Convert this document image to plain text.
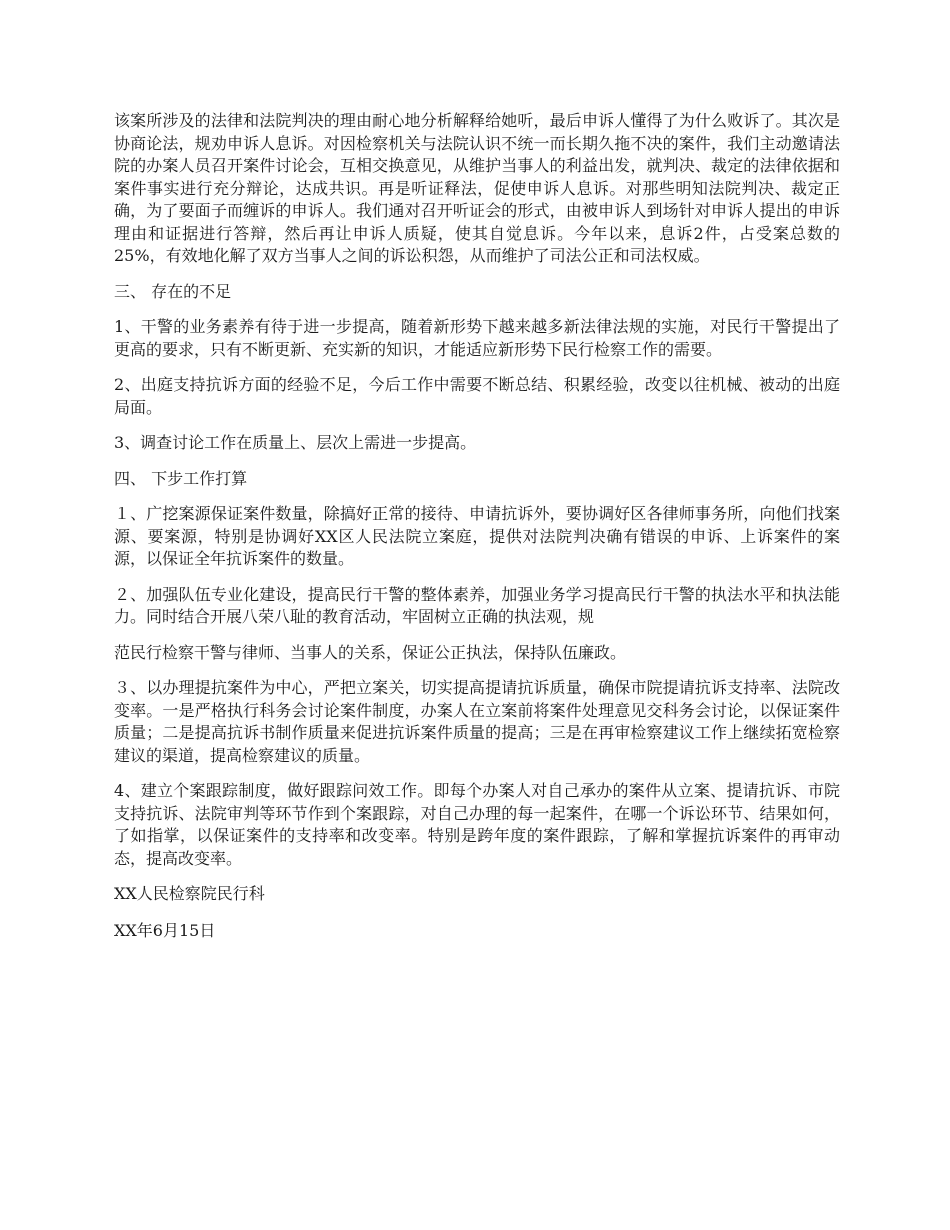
该案所涉及的法律和法院判决的理由耐心地分析解释给她听，最后申诉人懂得了为什么败诉了。其次是协商论法，规劝申诉人息诉。对因检察机关与法院认识不统一而长期久拖不决的案件，我们主动邀请法院的办案人员召开案件讨论会，互相交换意见，从维护当事人的利益出发，就判决、裁定的法律依据和案件事实进行充分辩论，达成共识。再是听证释法，促使申诉人息诉。对那些明知法院判决、裁定正确，为了要面子而缠诉的申诉人。我们通对召开听证会的形式，由被申诉人到场针对申诉人提出的申诉理由和证据进行答辩，然后再让申诉人质疑，使其自觉息诉。今年以来，息诉2件，占受案总数的25%，有效地化解了双方当事人之间的诉讼积怨，从而维护了司法公正和司法权威。

三、 存在的不足

1、干警的业务素养有待于进一步提高，随着新形势下越来越多新法律法规的实施，对民行干警提出了更高的要求，只有不断更新、充实新的知识，才能适应新形势下民行检察工作的需要。

2、出庭支持抗诉方面的经验不足，今后工作中需要不断总结、积累经验，改变以往机械、被动的出庭局面。

3、调查讨论工作在质量上、层次上需进一步提高。

四、 下步工作打算

１、广挖案源保证案件数量，除搞好正常的接待、申请抗诉外，要协调好区各律师事务所，向他们找案源、要案源，特别是协调好XX区人民法院立案庭，提供对法院判决确有错误的申诉、上诉案件的案源，以保证全年抗诉案件的数量。

２、加强队伍专业化建设，提高民行干警的整体素养，加强业务学习提高民行干警的执法水平和执法能力。同时结合开展八荣八耻的教育活动，牢固树立正确的执法观，规

范民行检察干警与律师、当事人的关系，保证公正执法，保持队伍廉政。

３、以办理提抗案件为中心，严把立案关，切实提高提请抗诉质量，确保市院提请抗诉支持率、法院改变率。一是严格执行科务会讨论案件制度，办案人在立案前将案件处理意见交科务会讨论，以保证案件质量；二是提高抗诉书制作质量来促进抗诉案件质量的提高；三是在再审检察建议工作上继续拓宽检察建议的渠道，提高检察建议的质量。

4、建立个案跟踪制度，做好跟踪问效工作。即每个办案人对自己承办的案件从立案、提请抗诉、市院支持抗诉、法院审判等环节作到个案跟踪，对自己办理的每一起案件，在哪一个诉讼环节、结果如何，了如指掌，以保证案件的支持率和改变率。特别是跨年度的案件跟踪，了解和掌握抗诉案件的再审动态，提高改变率。

XX人民检察院民行科

XX年6月15日
